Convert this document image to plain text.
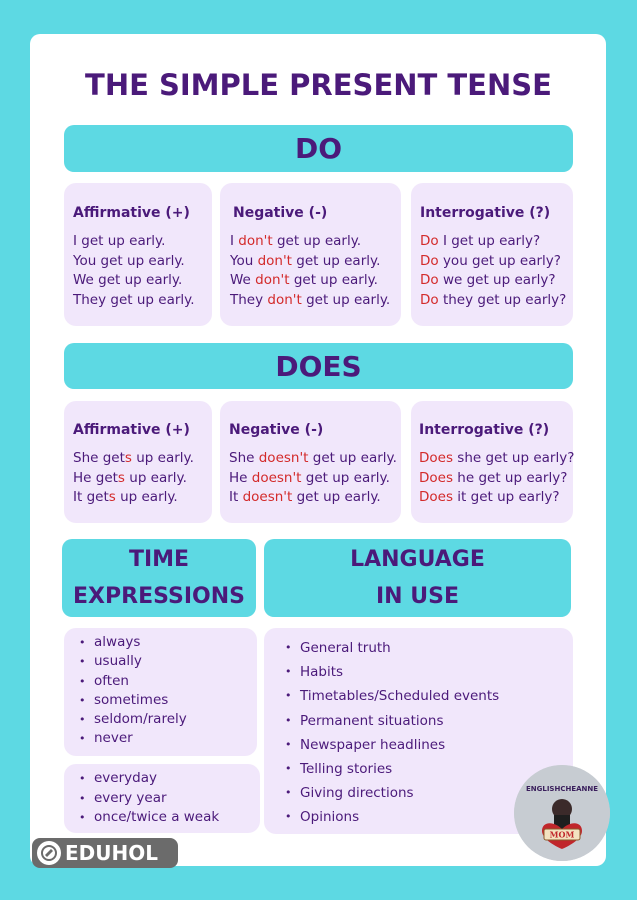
THE SIMPLE PRESENT TENSE
DO
Affirmative (+)
I get up early.
You get up early.
We get up early.
They get up early.
Negative (-)
I don't get up early.
You don't get up early.
We don't get up early.
They don't get up early.
Interrogative (?)
Do I get up early?
Do you get up early?
Do we get up early?
Do they get up early?
DOES
Affirmative (+)
She gets up early.
He gets up early.
It gets up early.
Negative (-)
She doesn't get up early.
He doesn't get up early.
It doesn't get up early.
Interrogative (?)
Does she get up early?
Does he get up early?
Does it get up early?
TIME
EXPRESSIONS
LANGUAGE
IN USE
• always
• usually
• often
• sometimes
• seldom/rarely
• never
• everyday
• every year
• once/twice a weak
• General truth
• Habits
• Timetables/Scheduled events
• Permanent situations
• Newspaper headlines
• Telling stories
• Giving directions
• Opinions
EDUHOL
ENGLISHCHEANNE
MOM
